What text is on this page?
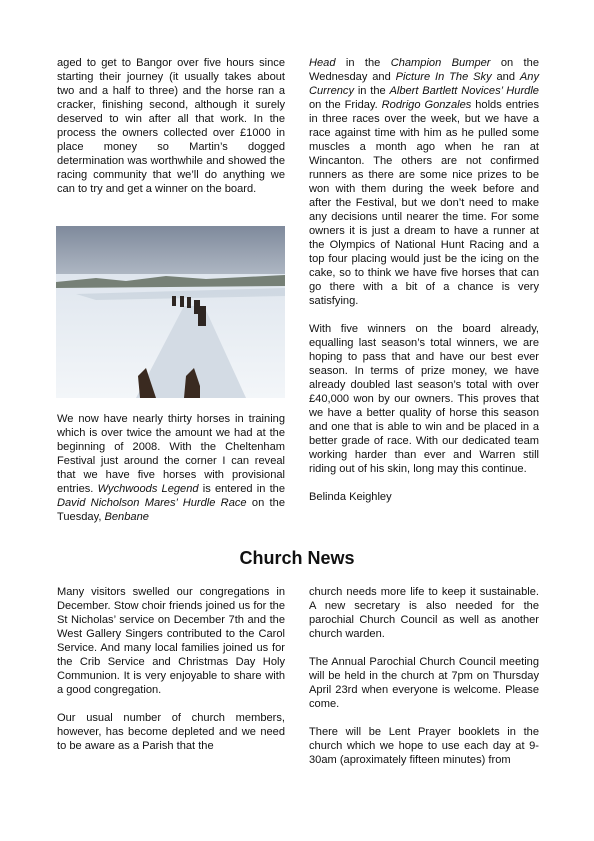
aged to get to Bangor over five hours since starting their journey (it usually takes about two and a half to three) and the horse ran a cracker, finishing second, although it surely deserved to win after all that work. In the process the owners collected over £1000 in place money so Martin’s dogged determination was worthwhile and showed the racing community that we’ll do anything we can to try and get a winner on the board.

We now have nearly thirty horses in training which is over twice the amount we had at the beginning of 2008. With the Cheltenham Festival just around the corner I can reveal that we have five horses with provisional entries. Wychwoods Legend is entered in the David Nicholson Mares’ Hurdle Race on the Tuesday, Benbane

Head in the Champion Bumper on the Wednesday and Picture In The Sky and Any Currency in the Albert Bartlett Novices’ Hurdle on the Friday. Rodrigo Gonzales holds entries in three races over the week, but we have a race against time with him as he pulled some muscles a month ago when he ran at Wincanton. The others are not confirmed runners as there are some nice prizes to be won with them during the week before and after the Festival, but we don’t need to make any decisions until nearer the time. For some owners it is just a dream to have a runner at the Olympics of National Hunt Racing and a top four placing would just be the icing on the cake, so to think we have five horses that can go there with a bit of a chance is very satisfying.

With five winners on the board already, equalling last season’s total winners, we are hoping to pass that and have our best ever season. In terms of prize money, we have already doubled last season’s total with over £40,000 won by our owners. This proves that we have a better quality of horse this season and one that is able to win and be placed in a better grade of race. With our dedicated team working harder than ever and Warren still riding out of his skin, long may this continue.

Belinda Keighley

Church News

Many visitors swelled our congregations in December. Stow choir friends joined us for the St Nicholas’ service on December 7th and the West Gallery Singers contributed to the Carol Service. And many local families joined us for the Crib Service and Christmas Day Holy Communion. It is very enjoyable to share with a good congregation.

Our usual number of church members, however, has become depleted and we need to be aware as a Parish that the

church needs more life to keep it sustainable. A new secretary is also needed for the parochial Church Council as well as another church warden.

The Annual Parochial Church Council meeting will be held in the church at 7pm on Thursday April 23rd when everyone is welcome. Please come.

There will be Lent Prayer booklets in the church which we hope to use each day at 9-30am (aproximately fifteen minutes) from
